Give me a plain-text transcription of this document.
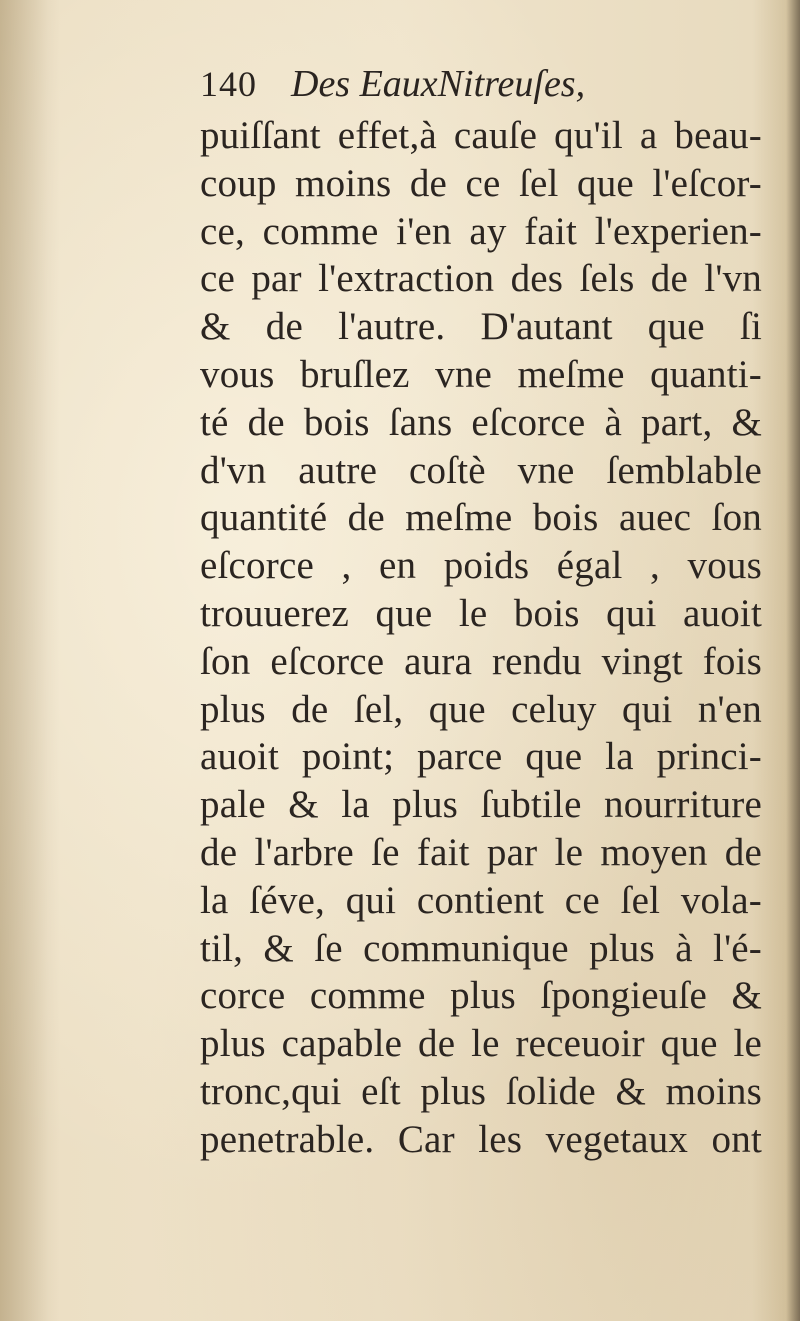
140 Des EauxNitreuſes,
puiſſant effet,à cauſe qu'il a beau-
coup moins de ce ſel que l'eſcor-
ce, comme i'en ay fait l'experien-
ce par l'extraction des ſels de l'vn
& de l'autre. D'autant que ſi
vous bruſlez vne meſme quanti-
té de bois ſans eſcorce à part, &
d'vn autre coſtè vne ſemblable
quantité de meſme bois auec ſon
eſcorce , en poids égal , vous
trouuerez que le bois qui auoit
ſon eſcorce aura rendu vingt fois
plus de ſel, que celuy qui n'en
auoit point; parce que la princi-
pale & la plus ſubtile nourriture
de l'arbre ſe fait par le moyen de
la ſéve, qui contient ce ſel vola-
til, & ſe communique plus à l'é-
corce comme plus ſpongieuſe &
plus capable de le receuoir que le
tronc,qui eſt plus ſolide & moins
penetrable. Car les vegetaux ont
